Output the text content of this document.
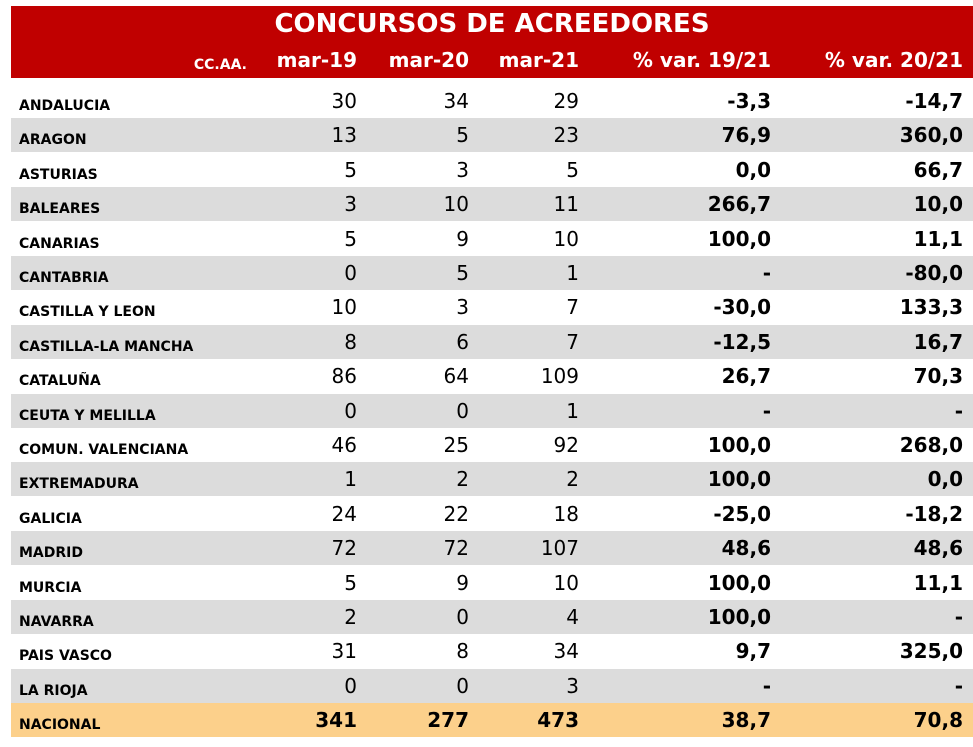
CONCURSOS DE ACREEDORES
CC.AA.	mar-19	mar-20	mar-21	% var. 19/21	% var. 20/21
ANDALUCIA	30	34	29	-3,3	-14,7
ARAGON	13	5	23	76,9	360,0
ASTURIAS	5	3	5	0,0	66,7
BALEARES	3	10	11	266,7	10,0
CANARIAS	5	9	10	100,0	11,1
CANTABRIA	0	5	1	-	-80,0
CASTILLA Y LEON	10	3	7	-30,0	133,3
CASTILLA-LA MANCHA	8	6	7	-12,5	16,7
CATALUÑA	86	64	109	26,7	70,3
CEUTA Y MELILLA	0	0	1	-	-
COMUN. VALENCIANA	46	25	92	100,0	268,0
EXTREMADURA	1	2	2	100,0	0,0
GALICIA	24	22	18	-25,0	-18,2
MADRID	72	72	107	48,6	48,6
MURCIA	5	9	10	100,0	11,1
NAVARRA	2	0	4	100,0	-
PAIS VASCO	31	8	34	9,7	325,0
LA RIOJA	0	0	3	-	-
NACIONAL	341	277	473	38,7	70,8
